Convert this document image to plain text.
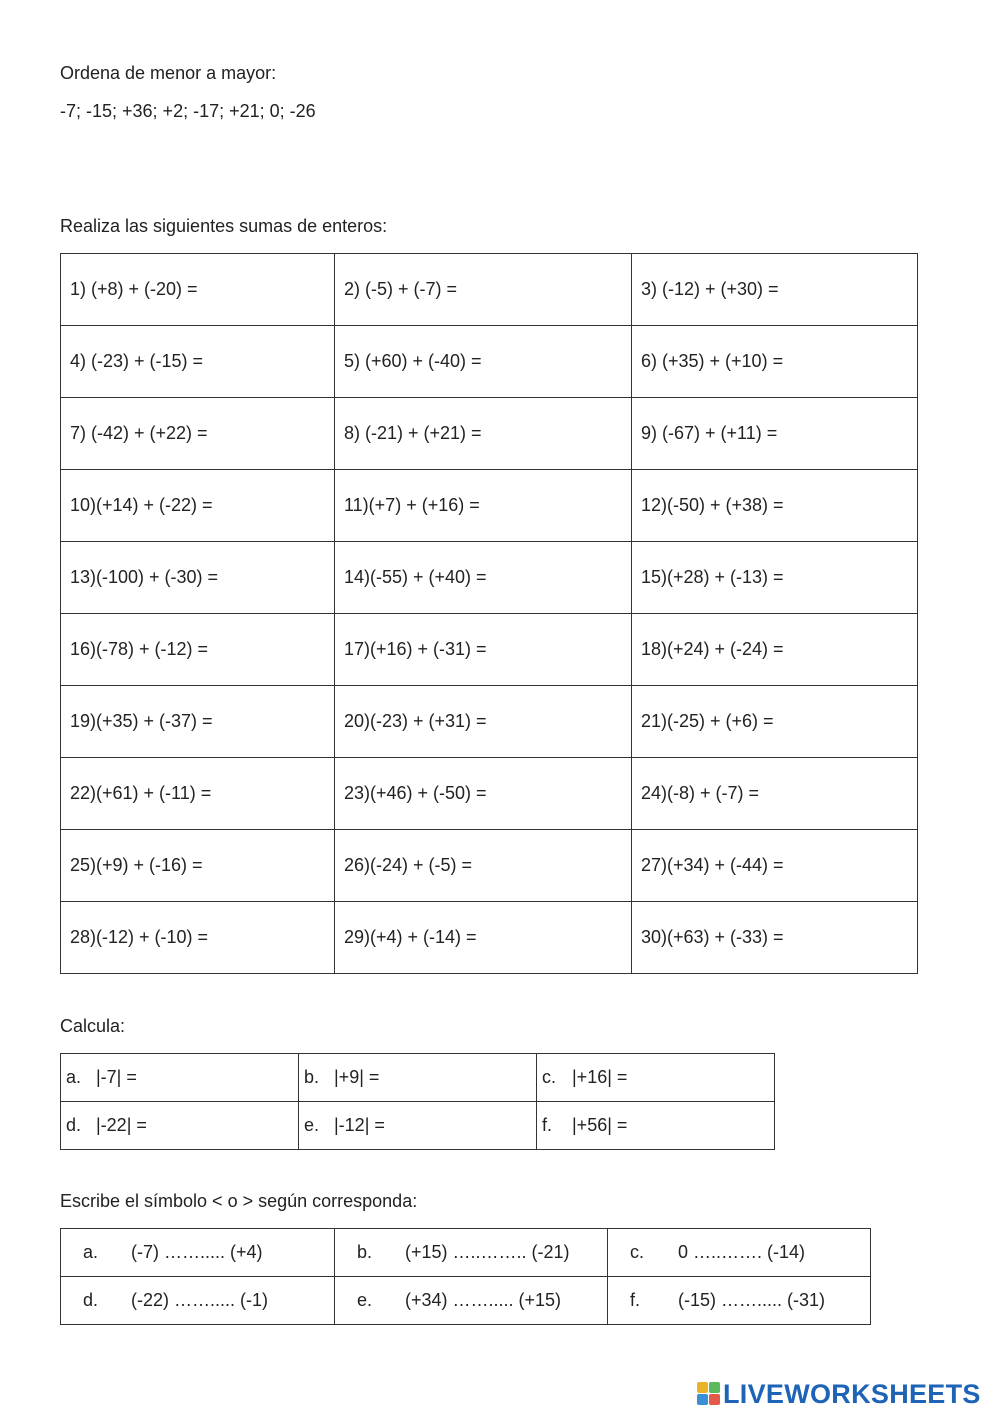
Ordena de menor a mayor:
-7; -15; +36; +2; -17; +21; 0; -26
Realiza las siguientes sumas de enteros:
1) (+8) + (-20) =	2) (-5) + (-7) =	3) (-12) + (+30) =
4) (-23) + (-15) =	5) (+60) + (-40) =	6) (+35) + (+10) =
7) (-42) + (+22) =	8) (-21) + (+21) =	9) (-67) + (+11) =
10)(+14) + (-22) =	11)(+7) + (+16) =	12)(-50) + (+38) =
13)(-100) + (-30) =	14)(-55) + (+40) =	15)(+28) + (-13) =
16)(-78) + (-12) =	17)(+16) + (-31) =	18)(+24) + (-24) =
19)(+35) + (-37) =	20)(-23) + (+31) =	21)(-25) + (+6) =
22)(+61) + (-11) =	23)(+46) + (-50) =	24)(-8) + (-7) =
25)(+9) + (-16) =	26)(-24) + (-5) =	27)(+34) + (-44) =
28)(-12) + (-10) =	29)(+4) + (-14) =	30)(+63) + (-33) =
Calcula:
a. |-7| =	b. |+9| =	c. |+16| =
d. |-22| =	e. |-12| =	f. |+56| =
Escribe el símbolo < o > según corresponda:
a. (-7) ……..... (+4)	b. (+15) …..…….. (-21)	c. 0 …..……. (-14)
d. (-22) ……..... (-1)	e. (+34) ……..... (+15)	f. (-15) ……..... (-31)
LIVEWORKSHEETS
